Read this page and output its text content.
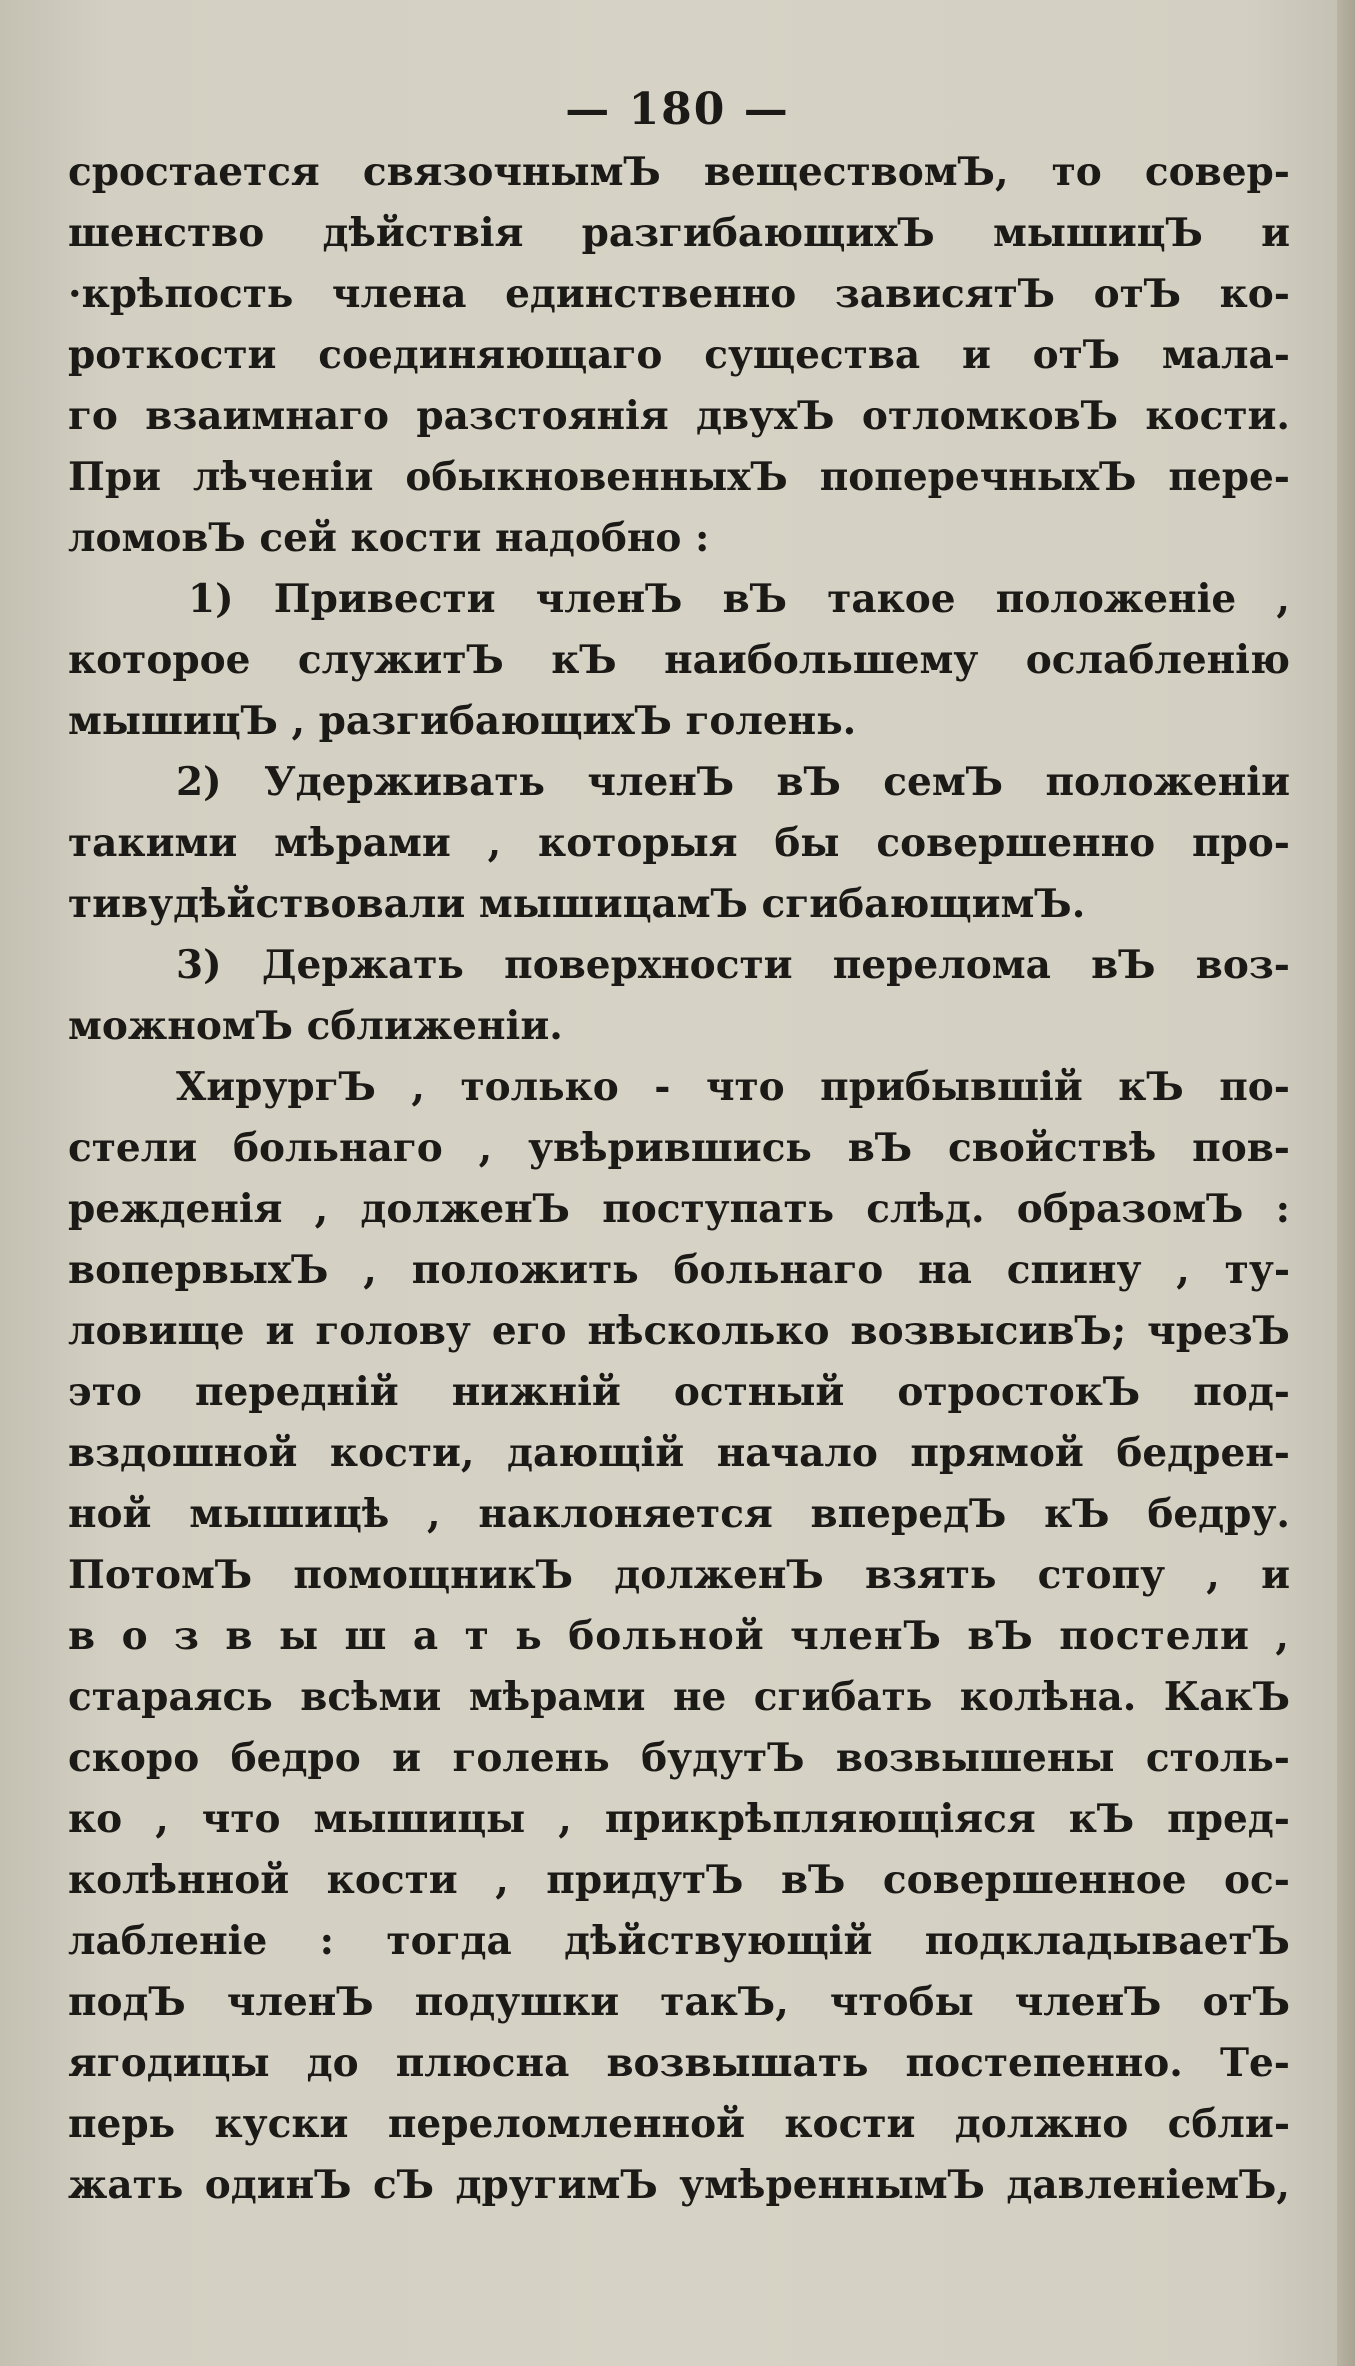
— 180 —
сростается связочнымЪ веществомЪ, то совер-
шенство дѣйствія разгибающихЪ мышицЪ и
·крѣпость члена единственно зависятЪ отЪ ко-
роткости соединяющаго существа и отЪ мала-
го взаимнаго разстоянія двухЪ отломковЪ кости.
При лѣченіи обыкновенныхЪ поперечныхЪ пере-
ломовЪ сей кости надобно :
1) Привести членЪ вЪ такое положеніе ,
которое служитЪ кЪ наибольшему ослабленію
мышицЪ , разгибающихЪ голень.
2) Удерживать членЪ вЪ семЪ положеніи
такими мѣрами , которыя бы совершенно про-
тивудѣйствовали мышицамЪ сгибающимЪ.
3) Держать поверхности перелома вЪ воз-
можномЪ сближеніи.
ХирургЪ , только - что прибывшій кЪ по-
стели больнаго , увѣрившись вЪ свойствѣ пов-
режденія , долженЪ поступать слѣд. образомЪ :
вопервыхЪ , положить больнаго на спину , ту-
ловище и голову его нѣсколько возвысивЪ; чрезЪ
это передній нижній остный отростокЪ под-
вздошной кости, дающій начало прямой бедрен-
ной мышицѣ , наклоняется впередЪ кЪ бедру.
ПотомЪ помощникЪ долженЪ взять стопу , и
в о з в ы ш а т ь больной членЪ вЪ постели ,
стараясь всѣми мѣрами не сгибать колѣна. КакЪ
скоро бедро и голень будутЪ возвышены столь-
ко , что мышицы , прикрѣпляющіяся кЪ пред-
колѣнной кости , придутЪ вЪ совершенное ос-
лабленіе : тогда дѣйствующій подкладываетЪ
подЪ членЪ подушки такЪ, чтобы членЪ отЪ
ягодицы до плюсна возвышать постепенно. Те-
перь куски переломленной кости должно сбли-
жать одинЪ сЪ другимЪ умѣреннымЪ давленіемЪ,
